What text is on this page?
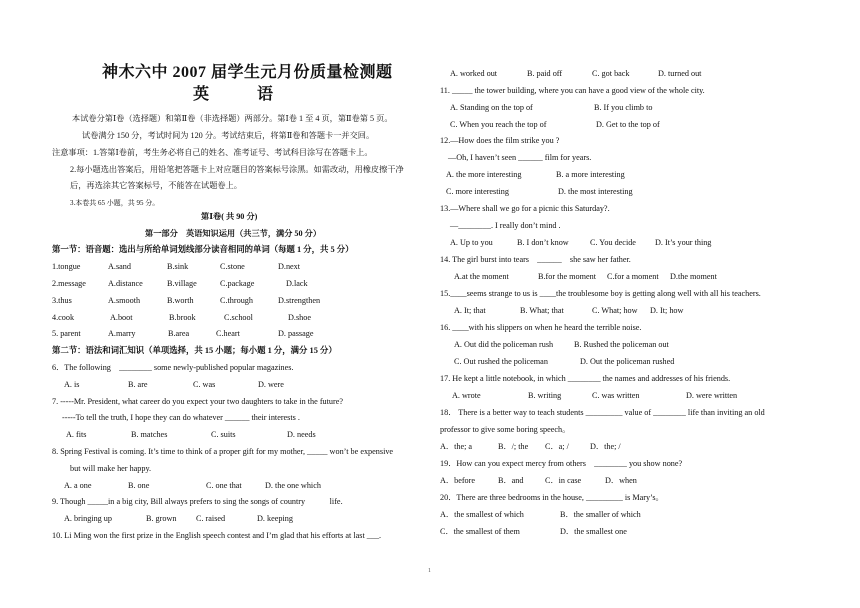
神木六中 2007 届学生元月份质量检测题
英　　　语
本试卷分第Ⅰ卷（选择题）和第Ⅱ卷（非选择题）两部分。第Ⅰ卷 1 至 4 页，第Ⅱ卷第 5 页。
试卷满分 150 分，考试时间为 120 分。考试结束后，将第Ⅱ卷和答题卡一并交回。
注意事项：1.答第Ⅰ卷前，考生务必将自己的姓名、准考证号、考试科目涂写在答题卡上。
2.每小题选出答案后，用铅笔把答题卡上对应题目的答案标号涂黑。如需改动，用橡皮擦干净
后，再选涂其它答案标号，不能答在试题卷上。
3.本卷共 65 小题，共 95 分。
第Ⅰ卷( 共 90 分)
第一部分　英语知识运用（共三节，满分 50 分）
第一节：语音题：选出与所给单词划线部分读音相同的单词（每题 1 分，共 5 分）
1.tongue	A.sand	B.sink	C.stone	D.next
2.message	A.distance	B.village	C.package	D.lack
3.thus	A.smooth	B.worth	C.through	D.strengthen
4.cook	A.boot	B.brook	C.school	D.shoe
5. parent	A.marry	B.area	C.heart	D. passage
第二节：语法和词汇知识（单项选择，共 15 小题；每小题 1 分，满分 15 分）
6．The following　________ some newly-published popular magazines.
A. is	B. are	C. was	D. were
7. -----Mr. President, what career do you expect your two daughters to take in the future?
-----To tell the truth, I hope they can do whatever ______ their interests .
A. fits	B. matches	C. suits	D. needs
8. Spring Festival is coming. It’s time to think of a proper gift for my mother, _____ won’t be expensive
but will make her happy.
A. a one	B. one	C. one that	D. the one which
9. Though _____in a big city, Bill always prefers to sing the songs of country　　　life.
A. bringing up	B. grown C. raised	D. keeping
10. Li Ming won the first prize in the English speech contest and I’m glad that his efforts at last ___.
A. worked out	B. paid off	C. got back	D. turned out
11. _____ the tower building, where you can have a good view of the whole city.
A. Standing on the top of	B. If you climb to
C. When you reach the top of	D. Get to the top of
12.—How does the film strike you ?
—Oh, I haven’t seen ______ film for years.
A. the more interesting	B. a more interesting
C. more interesting	D. the most interesting
13.—Where shall we go for a picnic this Saturday?.
—________. I really don’t mind .
A. Up to you	B. I don’t know	C. You decide D. It’s your thing
14. The girl burst into tears　______　she saw her father.
A.at the moment	B.for the moment C.for a moment D.the moment
15.____seems strange to us is ____the troublesome boy is getting along well with all his teachers.
A. It; that	B. What; that	C. What; how D. It; how
16. ____with his slippers on when he heard the terrible noise.
A. Out did the policeman rush	B. Rushed the policeman out
C. Out rushed the policeman	D. Out the policeman rushed
17. He kept a little notebook, in which ________ the names and addresses of his friends.
A. wrote	B. writing	C. was written	D. were written
18． There is a better way to teach students _________ value of ________ life than inviting an old
professor to give some boring speech。
A．the; a	B．/; the C．a; /	D．the; /
19．How can you expect mercy from others　________ you show none?
A．before	B．and	C．in case	D．when
20．There are three bedrooms in the house, _________ is Mary’s。
A．the smallest of which	B．the smaller of which
C．the smallest of them	D．the smallest one
1
